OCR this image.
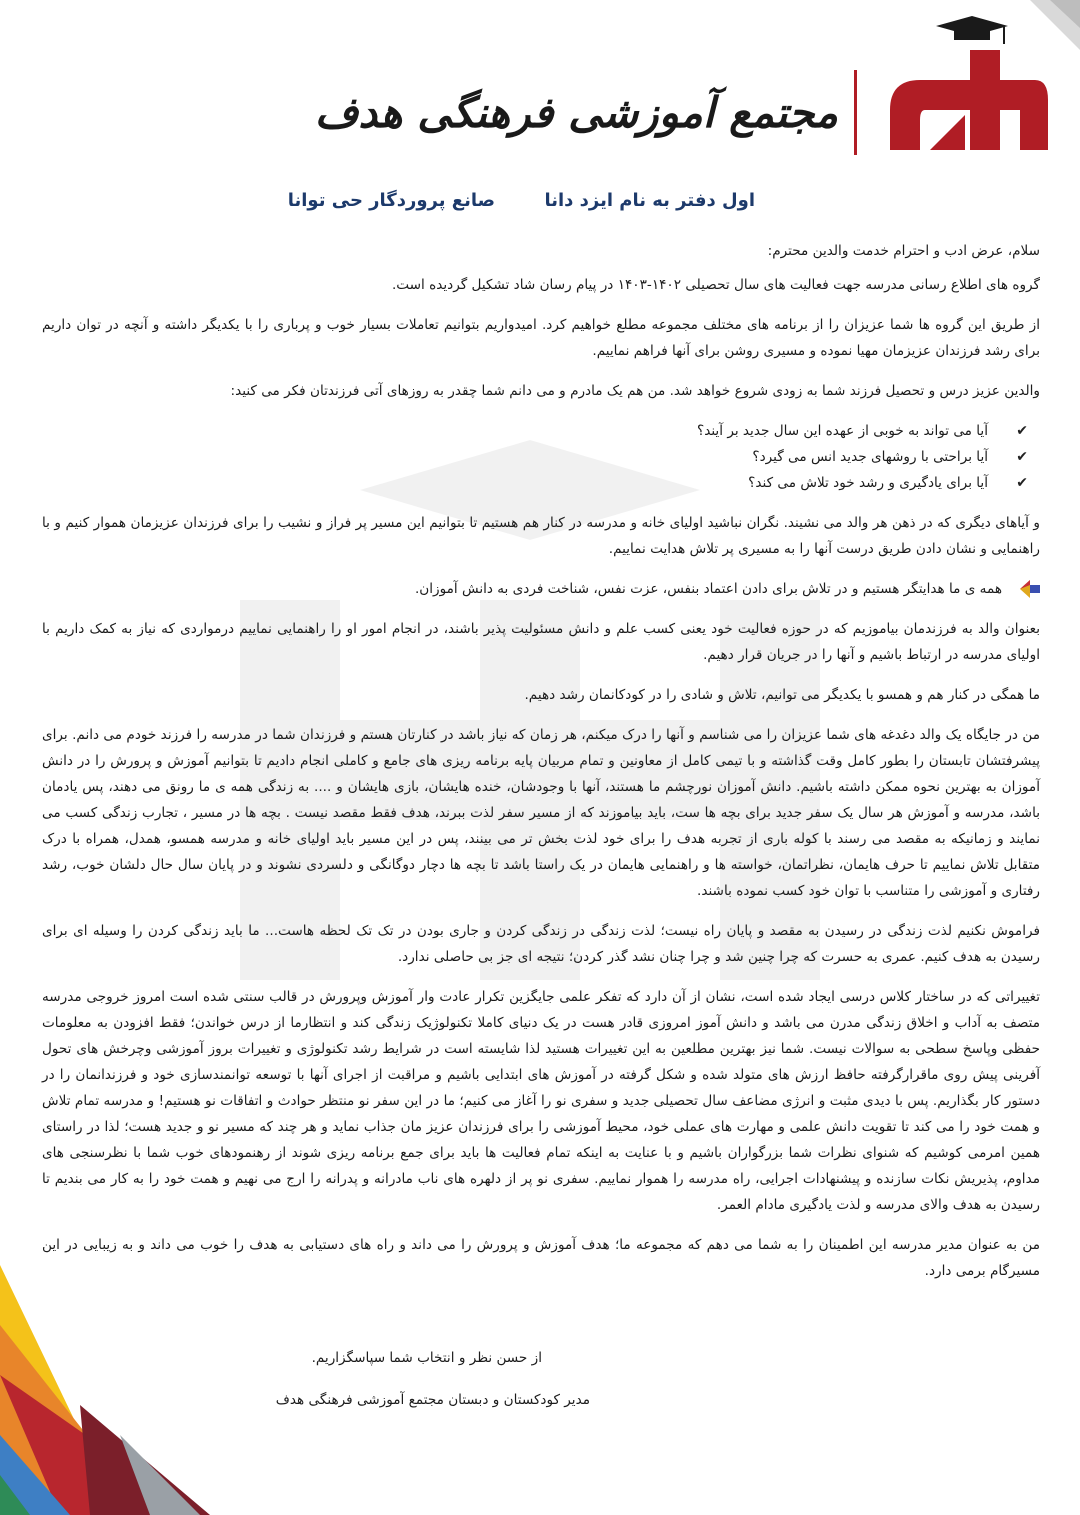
مجتمع آموزشی فرهنگی هدف
اول دفتر به نام ایزد دانا
صانع پروردگار حی توانا

سلام، عرض ادب و احترام خدمت والدین محترم:

گروه های اطلاع رسانی مدرسه جهت فعالیت های سال تحصیلی ۱۴۰۲-۱۴۰۳ در پیام رسان شاد تشکیل گردیده است.

از طریق این گروه ها شما عزیزان را از برنامه های مختلف مجموعه مطلع خواهیم کرد. امیدواریم بتوانیم تعاملات بسیار خوب و پرباری را با یکدیگر داشته و آنچه در توان داریم برای رشد فرزندان عزیزمان مهیا نموده و مسیری روشن برای آنها فراهم نماییم.

والدین عزیز درس و تحصیل فرزند شما به زودی شروع خواهد شد. من هم یک مادرم و می دانم شما چقدر به روزهای آتی فرزندتان فکر می کنید:

✔
آیا می تواند به خوبی از عهده این سال جدید بر آیند؟
✔
آیا براحتی با روشهای جدید انس می گیرد؟
✔
آیا برای یادگیری و رشد خود تلاش می کند؟

و آیاهای دیگری که در ذهن هر والد می نشیند. نگران نباشید اولیای خانه و مدرسه در کنار هم هستیم تا بتوانیم این مسیر پر فراز و نشیب را برای فرزندان عزیزمان هموار کنیم و با راهنمایی و نشان دادن طریق درست آنها را به مسیری پر تلاش هدایت نماییم.

همه ی ما هدایتگر هستیم و در تلاش برای دادن اعتماد بنفس، عزت نفس، شناخت فردی به دانش آموزان.

بعنوان والد به فرزندمان بیاموزیم که در حوزه فعالیت خود یعنی کسب علم و دانش مسئولیت پذیر باشند، در انجام امور او را راهنمایی نماییم درمواردی که نیاز به کمک داریم با اولیای مدرسه در ارتباط باشیم و آنها را در جریان قرار دهیم.

ما همگی در کنار هم و همسو با یکدیگر می توانیم، تلاش و شادی را در کودکانمان رشد دهیم.

من در جایگاه یک والد دغدغه های شما عزیزان را می شناسم و آنها را درک میکنم، هر زمان که نیاز باشد در کنارتان هستم و فرزندان شما در مدرسه را فرزند خودم می دانم. برای پیشرفتشان تابستان را بطور کامل وقت گذاشته و با تیمی کامل از معاونین و تمام مربیان پایه برنامه ریزی های جامع و کاملی انجام دادیم تا بتوانیم آموزش و پرورش را در دانش آموزان به بهترین نحوه ممکن داشته باشیم. دانش آموزان نورچشم ما هستند، آنها با وجودشان، خنده هایشان، بازی هایشان و .... به زندگی همه ی ما رونق می دهند، پس یادمان باشد، مدرسه و آموزش هر سال یک سفر جدید برای بچه ها ست، باید بیاموزند که از مسیر سفر لذت ببرند، هدف فقط مقصد نیست . بچه ها در مسیر ، تجارب زندگی کسب می نمایند و زمانیکه به مقصد می رسند با کوله باری از تجربه هدف را برای خود لذت بخش تر می بینند، پس در این مسیر باید اولیای خانه و مدرسه همسو، همدل، همراه با درک متقابل تلاش نماییم تا حرف هایمان، نظراتمان، خواسته ها و راهنمایی هایمان در یک راستا باشد تا بچه ها دچار دوگانگی و دلسردی نشوند و در پایان سال حال دلشان خوب، رشد رفتاری و آموزشی را متناسب با توان خود کسب نموده باشند.

فراموش نکنیم لذت زندگی در رسیدن به مقصد و پایان راه نیست؛ لذت زندگی در زندگی کردن و جاری بودن در تک تک لحظه هاست... ما باید زندگی کردن را وسیله ای برای رسیدن به هدف کنیم. عمری به حسرت که چرا چنین شد و چرا چنان نشد گذر کردن؛ نتیجه ای جز بی حاصلی ندارد.

تغییراتی که در ساختار کلاس درسی ایجاد شده است، نشان از آن دارد که تفکر علمی جایگزین تکرار عادت وار آموزش وپرورش در قالب سنتی شده است امروز خروجی مدرسه متصف به آداب و اخلاق زندگی مدرن می باشد و دانش آموز امروزی قادر هست در یک دنیای کاملا تکنولوژیک زندگی کند و انتظارما از درس خواندن؛ فقط افزودن به معلومات حفظی وپاسخ سطحی به سوالات نیست. شما نیز بهترین مطلعین به این تغییرات هستید لذا شایسته است در شرایط رشد تکنولوژی و تغییرات بروز آموزشی وچرخش های تحول آفرینی پیش روی ماقرارگرفته حافظ ارزش های متولد شده و شکل گرفته در آموزش های ابتدایی باشیم و مراقبت از اجرای آنها با توسعه توانمندسازی خود و فرزندانمان را در دستور کار بگذاریم. پس با دیدی مثبت و انرژی مضاعف سال تحصیلی جدید و سفری نو را آغاز می کنیم؛ ما در این سفر نو منتظر حوادث و اتفاقات نو هستیم! و مدرسه تمام تلاش و همت خود را می کند تا تقویت دانش علمی و مهارت های عملی خود، محیط آموزشی را برای فرزندان عزیز مان جذاب نماید و هر چند که مسیر نو و جدید هست؛ لذا در راستای همین امرمی کوشیم که شنوای نظرات شما بزرگواران باشیم و با عنایت به اینکه تمام فعالیت ها باید برای جمع برنامه ریزی شوند از رهنمودهای خوب شما با نظرسنجی های مداوم، پذیریش نکات سازنده و پیشنهادات اجرایی، راه مدرسه را هموار نماییم. سفری نو پر از دلهره های ناب مادرانه و پدرانه را ارج می نهیم و همت خود را به کار می بندیم تا رسیدن به هدف والای مدرسه و لذت یادگیری مادام العمر.

من به عنوان مدیر مدرسه این اطمینان را به شما می دهم که مجموعه ما؛ هدف آموزش و پرورش را می داند و راه های دستیابی به هدف را خوب می داند و به زیبایی در این مسیرگام برمی دارد.

از حسن نظر و انتخاب شما سپاسگزاریم.
مدیر کودکستان و دبستان مجتمع آموزشی فرهنگی هدف
